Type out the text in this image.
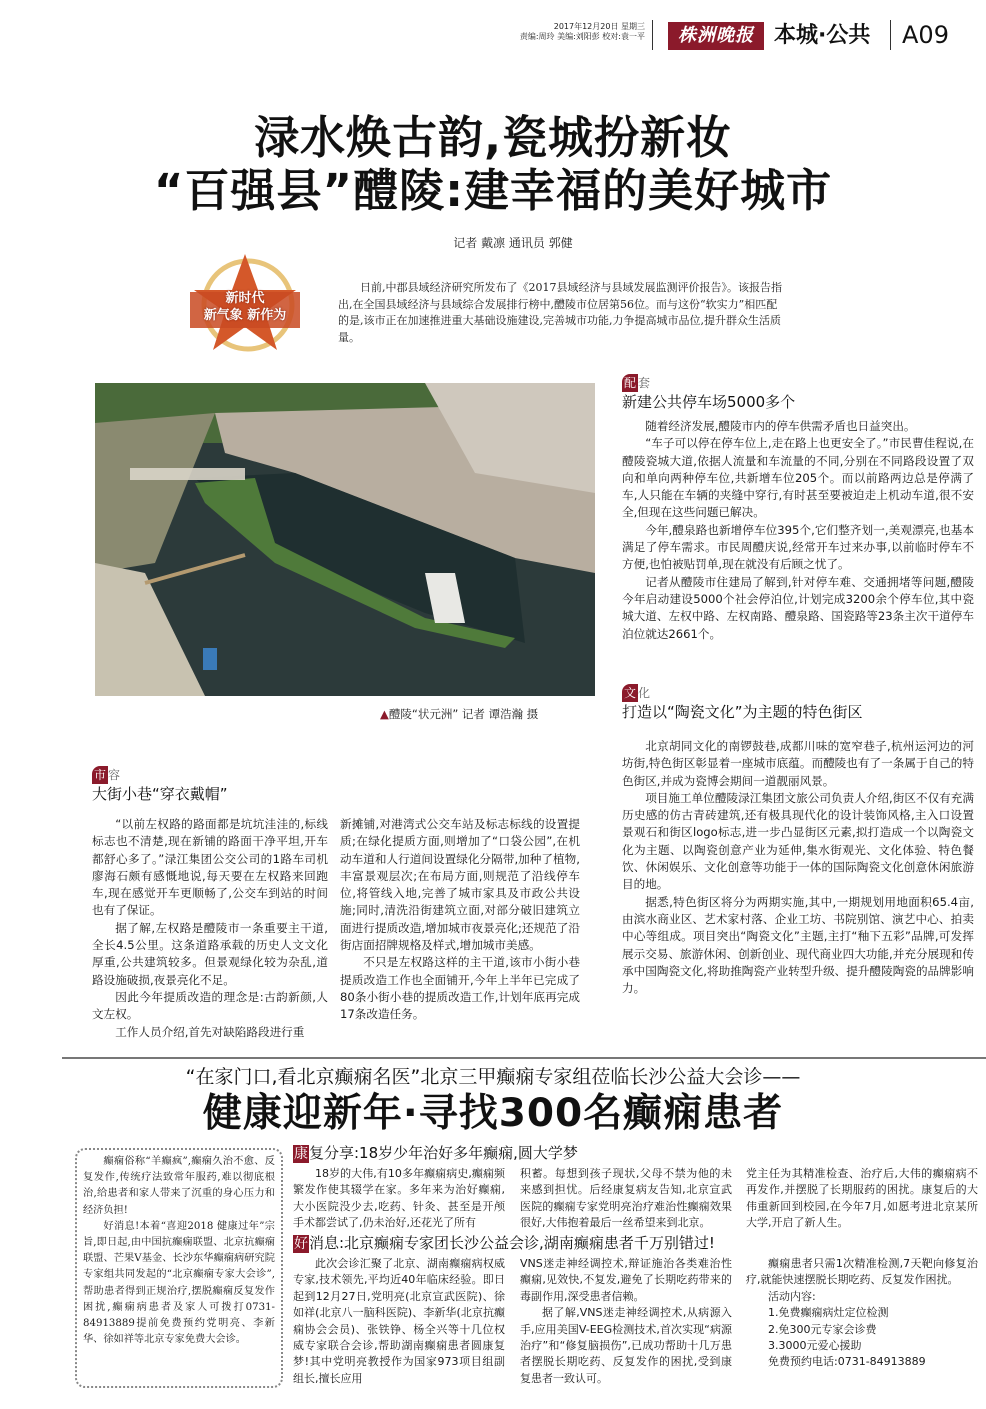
2017年12月20日 星期三
责编:周玲 美编:刘阳彭 校对:袁一平	株洲晚报 本城·公共 A09
渌水焕古韵,瓷城扮新妆
“百强县”醴陵:建幸福的美好城市
记者 戴凛 通讯员 郭健
新时代
新气象 新作为
日前,中郡县域经济研究所发布了《2017县域经济与县域发展监测评价报告》。该报告指出,在全国县域经济与县域综合发展排行榜中,醴陵市位居第56位。而与这份“软实力”相匹配的是,该市正在加速推进重大基础设施建设,完善城市功能,力争提高城市品位,提升群众生活质量。
▲醴陵“状元洲” 记者 谭浩瀚 摄
配 套
新建公共停车场5000多个

随着经济发展,醴陵市内的停车供需矛盾也日益突出。

“车子可以停在停车位上,走在路上也更安全了。”市民曹佳程说,在醴陵瓷城大道,依据人流量和车流量的不同,分别在不同路段设置了双向和单向两种停车位,共新增车位205个。而以前路两边总是停满了车,人只能在车辆的夹缝中穿行,有时甚至要被迫走上机动车道,很不安全,但现在这些问题已解决。

今年,醴泉路也新增停车位395个,它们整齐划一,美观漂亮,也基本满足了停车需求。市民周醴庆说,经常开车过来办事,以前临时停车不方便,也怕被贴罚单,现在就没有后顾之忧了。

记者从醴陵市住建局了解到,针对停车难、交通拥堵等问题,醴陵今年启动建设5000个社会停泊位,计划完成3200余个停车位,其中瓷城大道、左权中路、左权南路、醴泉路、国瓷路等23条主次干道停车泊位就达2661个。

文 化
打造以“陶瓷文化”为主题的特色街区

北京胡同文化的南锣鼓巷,成都川味的宽窄巷子,杭州运河边的河坊街,特色街区彰显着一座城市底蕴。而醴陵也有了一条属于自己的特色街区,并成为瓷博会期间一道靓丽风景。

项目施工单位醴陵渌江集团文旅公司负责人介绍,街区不仅有充满历史感的仿古青砖建筑,还有极具现代化的设计装饰风格,主入口设置景观石和街区logo标志,进一步凸显街区元素,拟打造成一个以陶瓷文化为主题、以陶瓷创意产业为延伸,集水街观光、文化体验、特色餐饮、休闲娱乐、文化创意等功能于一体的国际陶瓷文化创意休闲旅游目的地。

据悉,特色街区将分为两期实施,其中,一期规划用地面积65.4亩,由滨水商业区、艺术家村落、企业工坊、书院别馆、演艺中心、拍卖中心等组成。项目突出“陶瓷文化”主题,主打“釉下五彩”品牌,可发挥展示交易、旅游休闲、创新创业、现代商业四大功能,并充分展现和传承中国陶瓷文化,将助推陶瓷产业转型升级、提升醴陵陶瓷的品牌影响力。

市 容
大街小巷“穿衣戴帽”

“以前左权路的路面都是坑坑洼洼的,标线标志也不清楚,现在新铺的路面干净平坦,开车都舒心多了。”渌江集团公交公司的1路车司机廖海石颇有感慨地说,每天要在左权路来回跑车,现在感觉开车更顺畅了,公交车到站的时间也有了保证。

据了解,左权路是醴陵市一条重要主干道,全长4.5公里。这条道路承载的历史人文文化厚重,公共建筑较多。但景观绿化较为杂乱,道路设施破损,夜景亮化不足。

因此今年提质改造的理念是:古韵新颜,人文左权。

工作人员介绍,首先对缺陷路段进行重

新摊铺,对港湾式公交车站及标志标线的设置提质;在绿化提质方面,则增加了“口袋公园”,在机动车道和人行道间设置绿化分隔带,加种了植物,丰富景观层次;在布局方面,则规范了沿线停车位,将管线入地,完善了城市家具及市政公共设施;同时,清洗沿街建筑立面,对部分破旧建筑立面进行提质改造,增加城市夜景亮化;还规范了沿街店面招牌规格及样式,增加城市美感。

不只是左权路这样的主干道,该市小街小巷提质改造工作也全面铺开,今年上半年已完成了80条小街小巷的提质改造工作,计划年底再完成17条改造任务。

“在家门口,看北京癫痫名医”北京三甲癫痫专家组莅临长沙公益大会诊——
健康迎新年·寻找300名癫痫患者

癫痫俗称“羊癫疯”,癫痫久治不愈、反复发作,传统疗法致常年服药,难以彻底根治,给患者和家人带来了沉重的身心压力和经济负担!

好消息!本着“喜迎2018 健康过年”宗旨,即日起,由中国抗癫痫联盟、北京抗癫痫联盟、芒果V基金、长沙东华癫痫病研究院专家组共同发起的“北京癫痫专家大会诊”,帮助患者得到正规治疗,摆脱癫痫反复发作困扰,癫痫病患者及家人可拨打0731-84913889提前免费预约党明亮、李新华、徐如祥等北京专家免费大会诊。

康复分享:18岁少年治好多年癫痫,圆大学梦

18岁的大伟,有10多年癫痫病史,癫痫频繁发作使其辍学在家。多年来为治好癫痫,大小医院没少去,吃药、针灸、甚至是开颅手术都尝试了,仍未治好,还花光了所有

积蓄。每想到孩子现状,父母不禁为他的未来感到担忧。后经康复病友告知,北京宣武医院的癫痫专家党明亮治疗难治性癫痫效果很好,大伟抱着最后一丝希望来到北京。

党主任为其精准检查、治疗后,大伟的癫痫病不再发作,并摆脱了长期服药的困扰。康复后的大伟重新回到校园,在今年7月,如愿考进北京某所大学,开启了新人生。

好消息:北京癫痫专家团长沙公益会诊,湖南癫痫患者千万别错过!

此次会诊汇聚了北京、湖南癫痫病权威专家,技术领先,平均近40年临床经验。即日起到12月27日,党明亮(北京宣武医院)、徐如祥(北京八一脑科医院)、李新华(北京抗癫痫协会会员)、张铁铮、杨全兴等十几位权威专家联合会诊,帮助湖南癫痫患者圆康复梦!其中党明亮教授作为国家973项目组副组长,擅长应用

VNS迷走神经调控术,辩证施治各类难治性癫痫,见效快,不复发,避免了长期吃药带来的毒副作用,深受患者信赖。

据了解,VNS迷走神经调控术,从病源入手,应用美国V-EEG检测技术,首次实现“病源治疗”和“修复脑损伤”,已成功帮助十几万患者摆脱长期吃药、反复发作的困扰,受到康复患者一致认可。

癫痫患者只需1次精准检测,7天靶向修复治疗,就能快速摆脱长期吃药、反复发作困扰。

活动内容:
1.免费癫痫病灶定位检测
2.免300元专家会诊费
3.3000元爱心援助
免费预约电话:0731-84913889
